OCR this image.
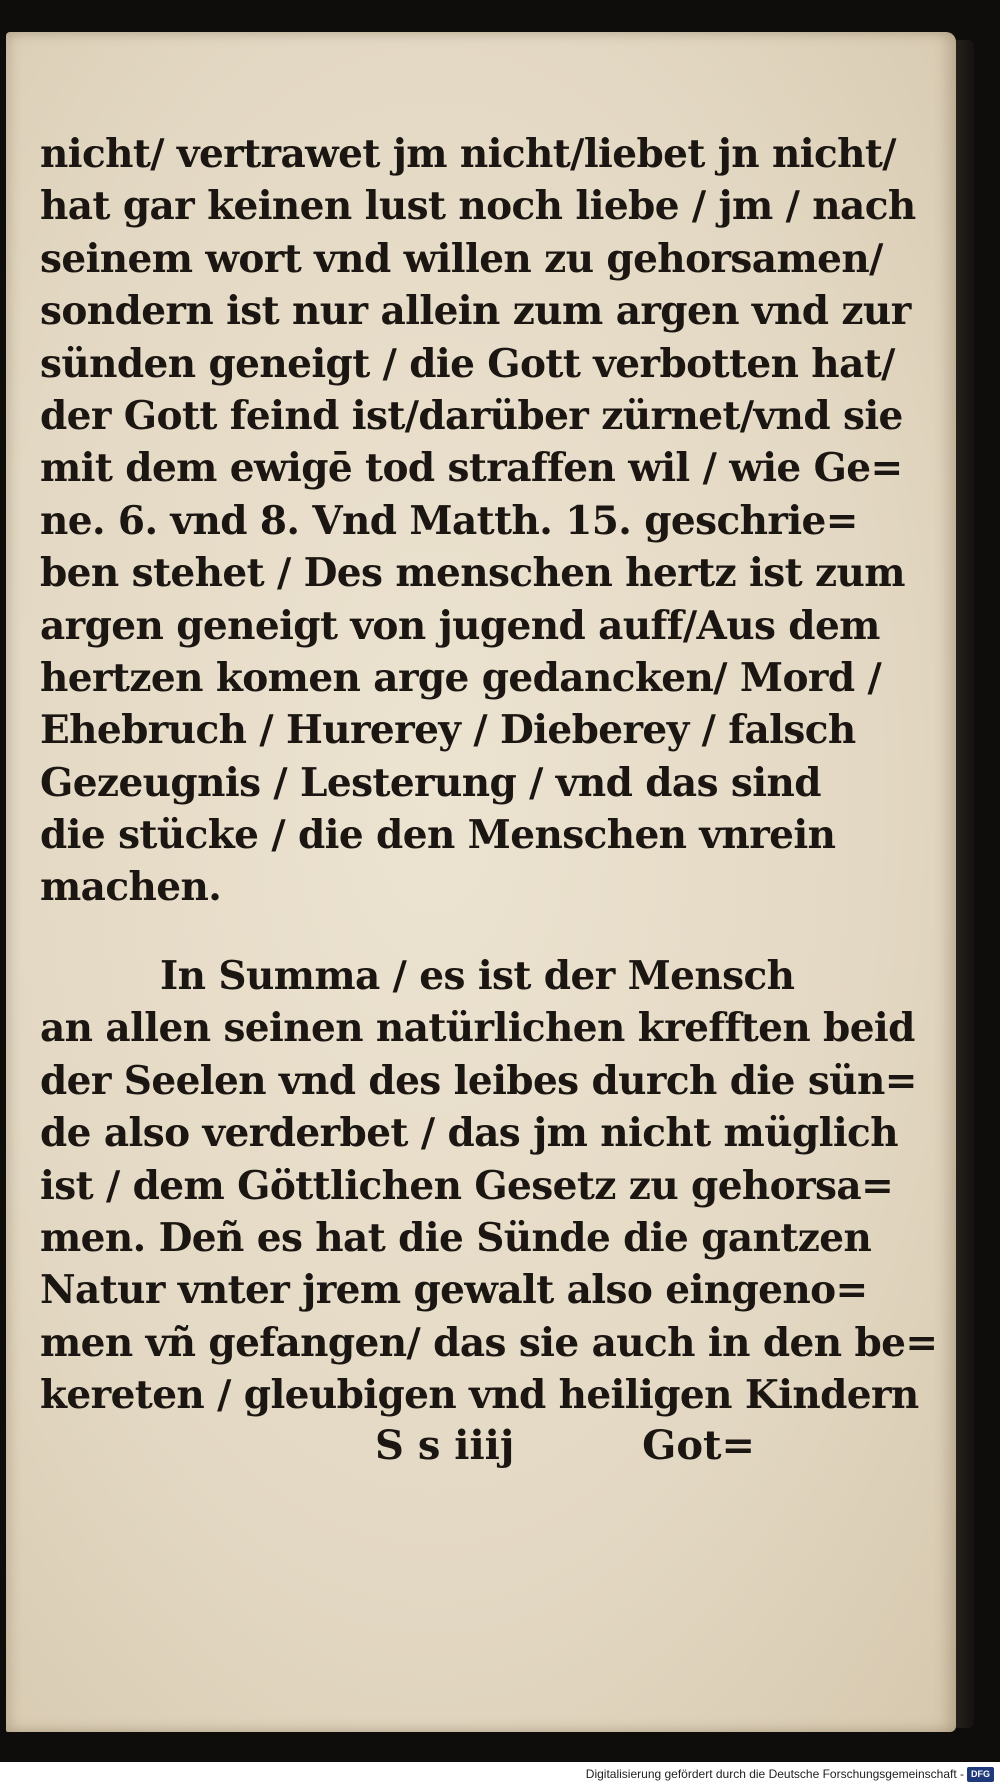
nicht/ vertrawet jm nicht/liebet jn nicht/
hat gar keinen lust noch liebe / jm / nach
seinem wort vnd willen zu gehorsamen/
sondern ist nur allein zum argen vnd zur
sünden geneigt / die Gott verbotten hat/
der Gott feind ist/darüber zürnet/vnd sie
mit dem ewigē tod straffen wil / wie Ge=
ne. 6. vnd 8. Vnd Matth. 15. geschrie=
ben stehet / Des menschen hertz ist zum
argen geneigt von jugend auff/Aus dem
hertzen komen arge gedancken/ Mord /
Ehebruch / Hurerey / Dieberey / falsch
Gezeugnis / Lesterung / vnd das sind
die stücke / die den Menschen vnrein
machen.
In Summa / es ist der Mensch
an allen seinen natürlichen krefften beid
der Seelen vnd des leibes durch die sün=
de also verderbet / das jm nicht müglich
ist / dem Göttlichen Gesetz zu gehorsa=
men. Deñ es hat die Sünde die gantzen
Natur vnter jrem gewalt also eingeno=
men vñ gefangen/ das sie auch in den be=
kereten / gleubigen vnd heiligen Kindern
S s iiij	Got=
Digitalisierung gefördert durch die Deutsche Forschungsgemeinschaft - DFG
